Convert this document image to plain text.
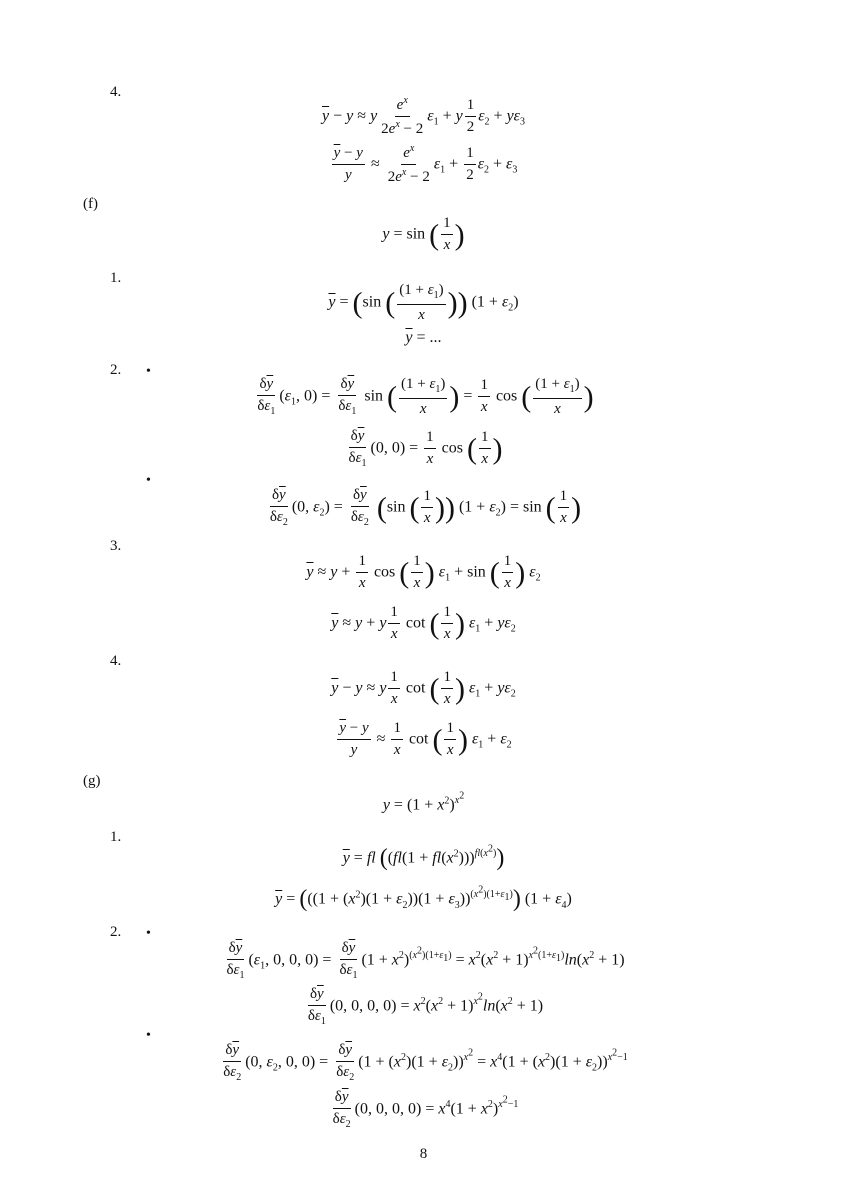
4.
(f)
1.
2. •
•
3.
4.
(g)
1.
2. •
•
$\overline{y} - y \approx y \frac{e^x}{2e^x - 2} \varepsilon_1 + y \frac{1}{2} \varepsilon_2 + y\varepsilon_3$
$\frac{\overline{y} - y}{y} \approx \frac{e^x}{2e^x - 2} \varepsilon_1 + \frac{1}{2} \varepsilon_2 + \varepsilon_3$
y = sin ( $\frac{1}{x}$ )
$\overline{y} = (\sin$ ( $\frac{(1 + \varepsilon_1)}{x}$ )) $(1 + \varepsilon_2)$
$\overline{y}$ = ...
$\frac{\delta\overline{y}}{\delta\varepsilon_1} (\varepsilon_1$, $0) = \frac{\delta\overline{y}}{\delta\varepsilon_1}$ sin ( $\frac{(1 + \varepsilon_1)}{x}$ ) = $\frac{1}{x}$ cos ( $\frac{(1 + \varepsilon_1)}{x}$ )
$\frac{\delta\overline{y}}{\delta\varepsilon_1} (0$, $0) = \frac{1}{x}$ cos ( $\frac{1}{x}$ )
$\frac{\delta\overline{y}}{\delta\varepsilon_2} (0$, $\varepsilon_2) = \frac{\delta\overline{y}}{\delta\varepsilon_2} (\sin$ ( $\frac{1}{x}$ )) $(1 + \varepsilon_2) = \sin$ ( $\frac{1}{x}$ )
$\overline{y} \approx y + \frac{1}{x}$ cos ( $\frac{1}{x}$ ) $\varepsilon_1 + \sin$ ( $\frac{1}{x}$ ) $\varepsilon_2$
$\overline{y} \approx y + y \frac{1}{x}$ cot ( $\frac{1}{x}$ ) $\varepsilon_1 + y\varepsilon_2$
$\overline{y} - y \approx y \frac{1}{x}$ cot ( $\frac{1}{x}$ ) $\varepsilon_1 + y\varepsilon_2$
$\frac{\overline{y} - y}{y} \approx \frac{1}{x}$ cot ( $\frac{1}{x}$ ) $\varepsilon_1 + \varepsilon_2$
$y = (1 + x^2)^{x^2}$
$\overline{y}$ = fl $((fl(1 + fl(x^2)))^{fl(x^2)})$
$\overline{y} = (((1 + (x^2)(1 + \varepsilon_2))(1 + \varepsilon_3))^{(x^2)(1+\varepsilon_1)}) (1 + \varepsilon_4)$
$\frac{\delta\overline{y}}{\delta\varepsilon_1} (\varepsilon_1$, 0, 0, $0) = \frac{\delta\overline{y}}{\delta\varepsilon_1} (1 + x^2)^{(x^2)(1+\varepsilon_1)} = x^2(x^2 + 1)^{x^2(1+\varepsilon_1)}\ln(x^2 + 1)$
$\frac{\delta\overline{y}}{\delta\varepsilon_1} (0$, 0, 0, $0) = x^2(x^2 + 1)^{x^2}\ln(x^2 + 1)$
$\frac{\delta\overline{y}}{\delta\varepsilon_2} (0$, $\varepsilon_2$, 0, $0) = \frac{\delta\overline{y}}{\delta\varepsilon_2} (1 + (x^2)(1 + \varepsilon_2))^{x^2} = x^4(1 + (x^2)(1 + \varepsilon_2))^{x^2-1}$
$\frac{\delta\overline{y}}{\delta\varepsilon_2} (0$, 0, 0, $0) = x^4(1 + x^2)^{x^2-1}$
8
